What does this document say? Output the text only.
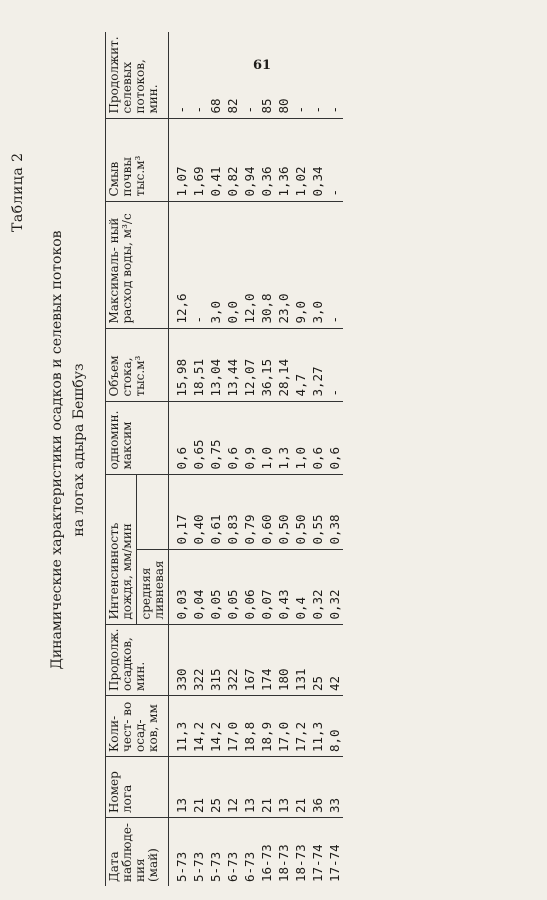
61
Таблица 2
Динамические характеристики осадков и селевых потоков на логах адыра Бешбуз
Дата наблюде- ния (май)	Номер лога	Коли- чест- во осад- ков, мм	Продолж. осадков, мин.	Интенсивность дождя, мм/мин		одномин. максим	Объем стока, тыс.м³	Максималь- ный расход воды, м³/с	Смыв почвы тыс.м³	Продолжит. селевых потоков, мин.
				средняя ливневая						
5-73	13	11,3	330	0,03	0,17	0,6	15,98	12,6	1,07	-
5-73	21	14,2	322	0,04	0,40	0,65	18,51	-	1,69	-
5-73	25	14,2	315	0,05	0,61	0,75	13,04	3,0	0,41	68
6-73	12	17,0	322	0,05	0,83	0,6	13,44	0,0	0,82	82
6-73	13	18,8	167	0,06	0,79	0,9	12,07	12,0	0,94	-
16-73	21	18,9	174	0,07	0,60	1,0	36,15	30,8	0,36	85
18-73	13	17,0	180	0,43	0,50	1,3	28,14	23,0	1,36	80
18-73	21	17,2	131	0,4	0,50	1,0	4,7	9,0	1,02	-
17-74	36	11,3	25	0,32	0,55	0,6	3,27	3,0	0,34	-
17-74	33	8,0	42	0,32	0,38	0,6	-	-	-	-
